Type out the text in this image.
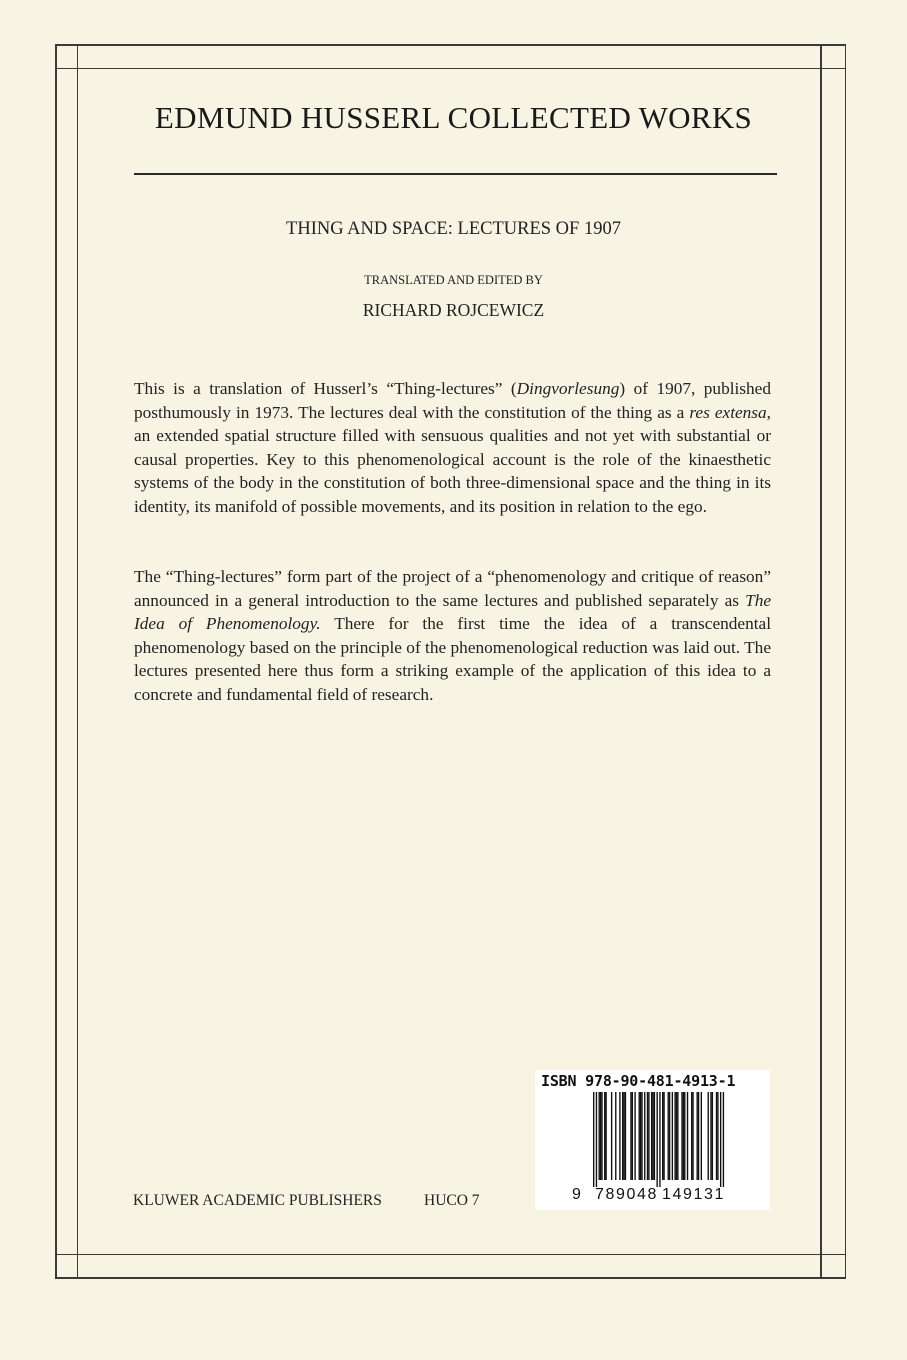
EDMUND HUSSERL COLLECTED WORKS
THING AND SPACE: LECTURES OF 1907
TRANSLATED AND EDITED BY
RICHARD ROJCEWICZ
This is a translation of Husserl’s “Thing-lectures” (Dingvorlesung) of 1907, published posthumously in 1973. The lectures deal with the constitution of the thing as a res extensa, an extended spatial structure filled with sensuous qualities and not yet with substantial or causal properties. Key to this phenomenological account is the role of the kinaesthetic systems of the body in the constitution of both three-dimensional space and the thing in its identity, its manifold of possible movements, and its position in relation to the ego.
The “Thing-lectures” form part of the project of a “phenomenology and critique of reason” announced in a general introduction to the same lectures and published separately as The Idea of Phenomenology. There for the first time the idea of a transcendental phenomenology based on the principle of the phenomenological reduction was laid out. The lectures presented here thus form a striking example of the application of this idea to a concrete and fundamental field of research.
KLUWER ACADEMIC PUBLISHERS	HUCO 7
ISBN 978-90-481-4913-1
9 789048 149131
